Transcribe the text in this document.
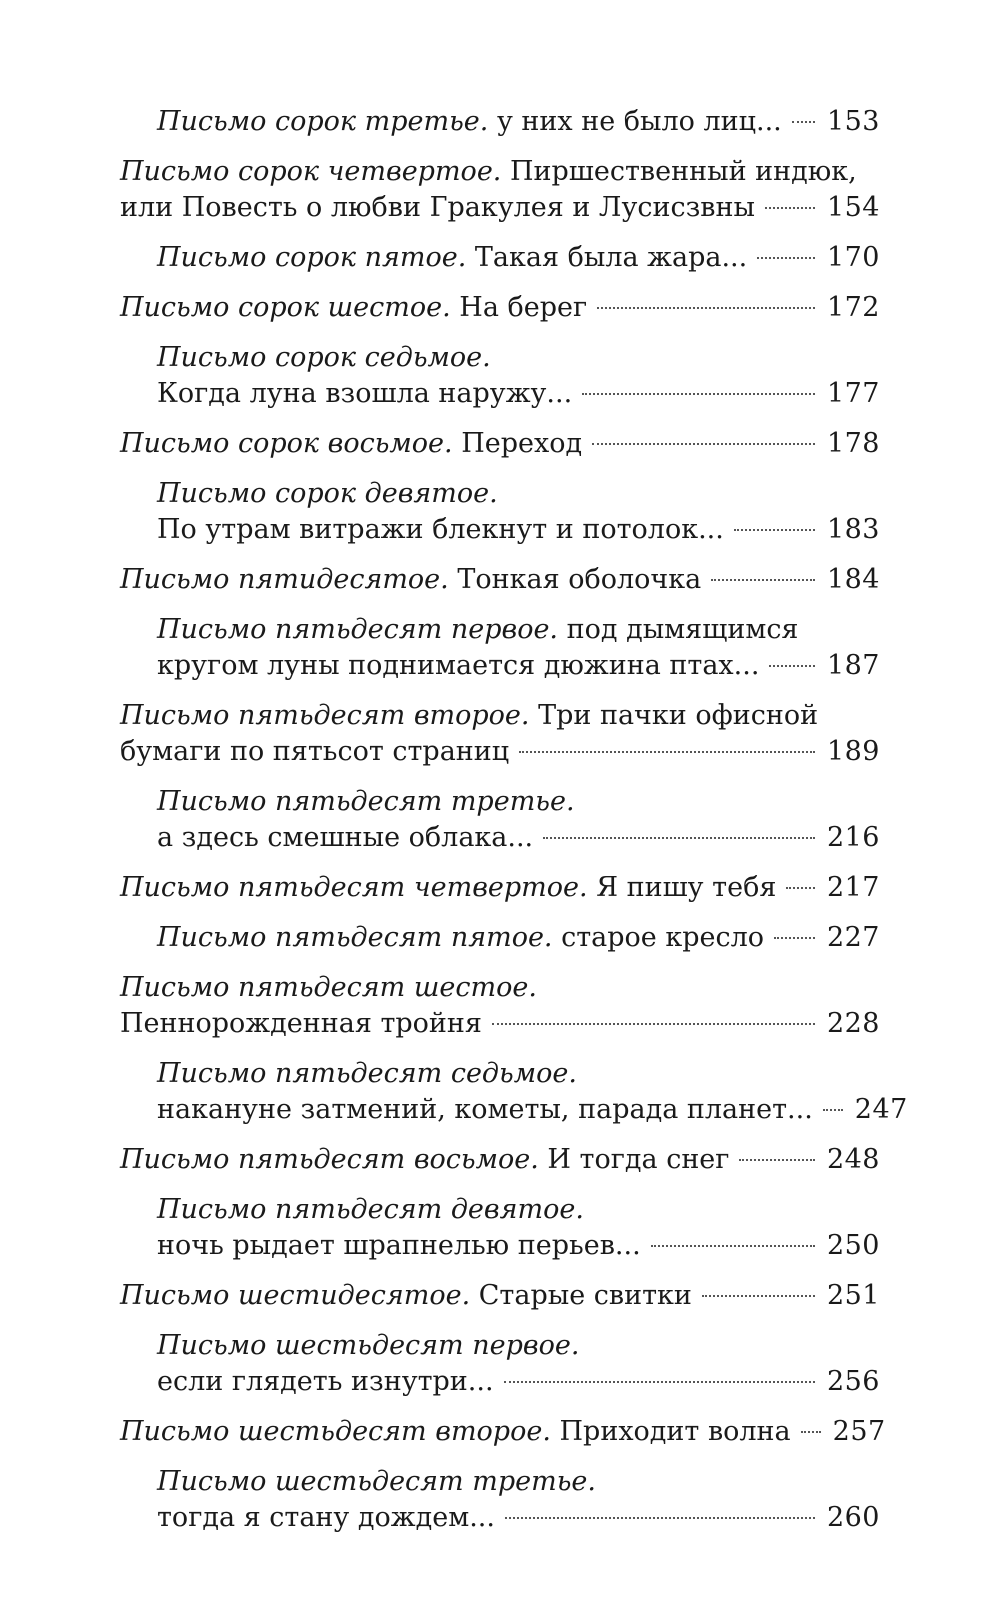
Письмо сорок третье. у них не было лиц... 153
Письмо сорок четвертое. Пиршественный индюк,
или Повесть о любви Гракулея и Лусисзвны	154
Письмо сорок пятое. Такая была жара...	170
Письмо сорок шестое. На берег	172
Письмо сорок седьмое.
Когда луна взошла наружу...	177
Письмо сорок восьмое. Переход	178
Письмо сорок девятое.
По утрам витражи блекнут и потолок...	183
Письмо пятидесятое. Тонкая оболочка	184
Письмо пятьдесят первое. под дымящимся
кругом луны поднимается дюжина птах...	187
Письмо пятьдесят второе. Три пачки офисной
бумаги по пятьсот страниц	189
Письмо пятьдесят третье.
а здесь смешные облака...	216
Письмо пятьдесят четвертое. Я пишу тебя 217
Письмо пятьдесят пятое. старое кресло 227
Письмо пятьдесят шестое.
Пеннорожденная тройня	228
Письмо пятьдесят седьмое.
накануне затмений, кометы, парада планет... 247
Письмо пятьдесят восьмое. И тогда снег	248
Письмо пятьдесят девятое.
ночь рыдает шрапнелью перьев...	250
Письмо шестидесятое. Старые свитки	251
Письмо шестьдесят первое.
если глядеть изнутри...	256
Письмо шестьдесят второе. Приходит волна 257
Письмо шестьдесят третье.
тогда я стану дождем...	260
